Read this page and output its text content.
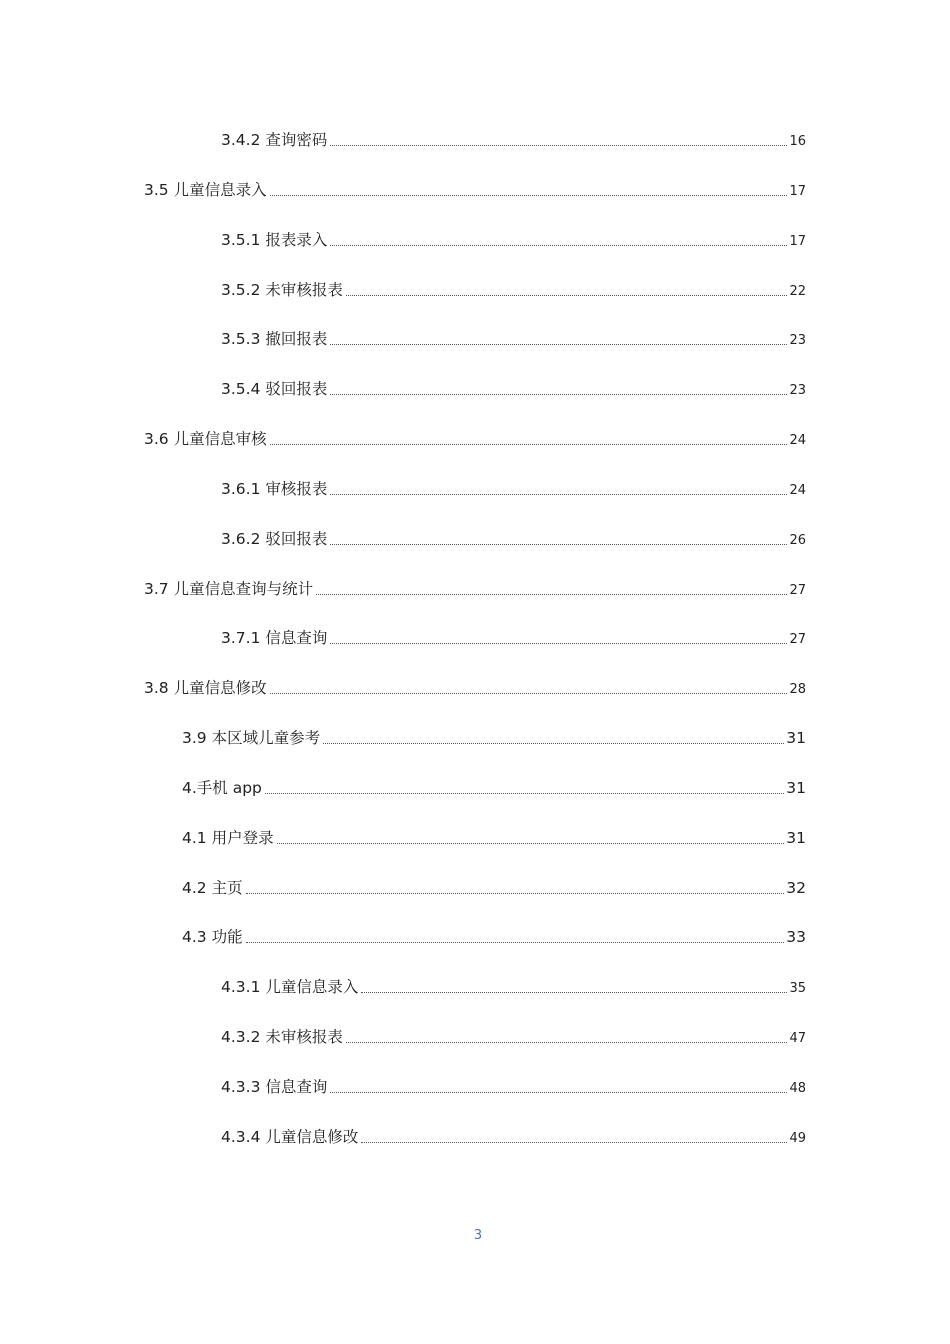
3.4.2 查询密码	16
3.5 儿童信息录入	17
3.5.1 报表录入	17
3.5.2 未审核报表	22
3.5.3 撤回报表	23
3.5.4 驳回报表	23
3.6 儿童信息审核	24
3.6.1 审核报表	24
3.6.2 驳回报表	26
3.7 儿童信息查询与统计	27
3.7.1 信息查询	27
3.8 儿童信息修改	28
3.9 本区域儿童参考	31
4.手机 app	31
4.1 用户登录	31
4.2 主页	32
4.3 功能	33
4.3.1 儿童信息录入	35
4.3.2 未审核报表	47
4.3.3 信息查询	48
4.3.4 儿童信息修改	49
3
